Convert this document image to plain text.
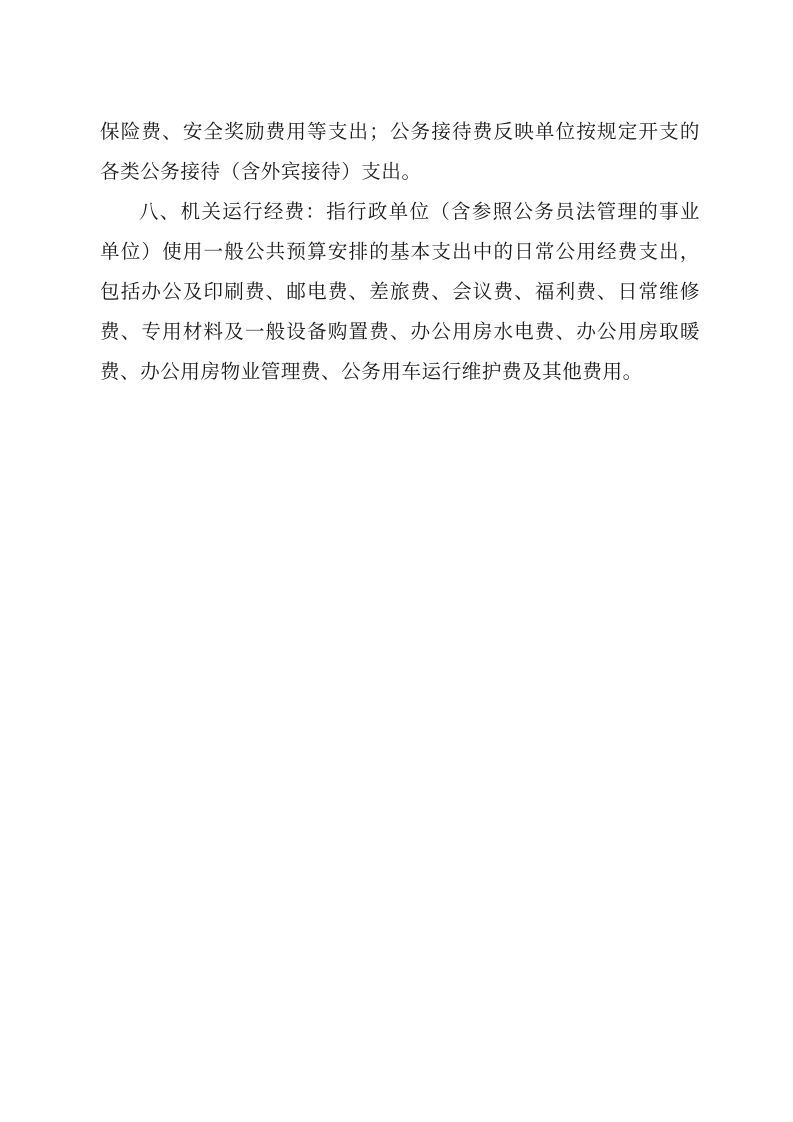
保险费、安全奖励费用等支出；公务接待费反映单位按规定开支的各类公务接待（含外宾接待）支出。

八、机关运行经费：指行政单位（含参照公务员法管理的事业单位）使用一般公共预算安排的基本支出中的日常公用经费支出，包括办公及印刷费、邮电费、差旅费、会议费、福利费、日常维修费、专用材料及一般设备购置费、办公用房水电费、办公用房取暖费、办公用房物业管理费、公务用车运行维护费及其他费用。
